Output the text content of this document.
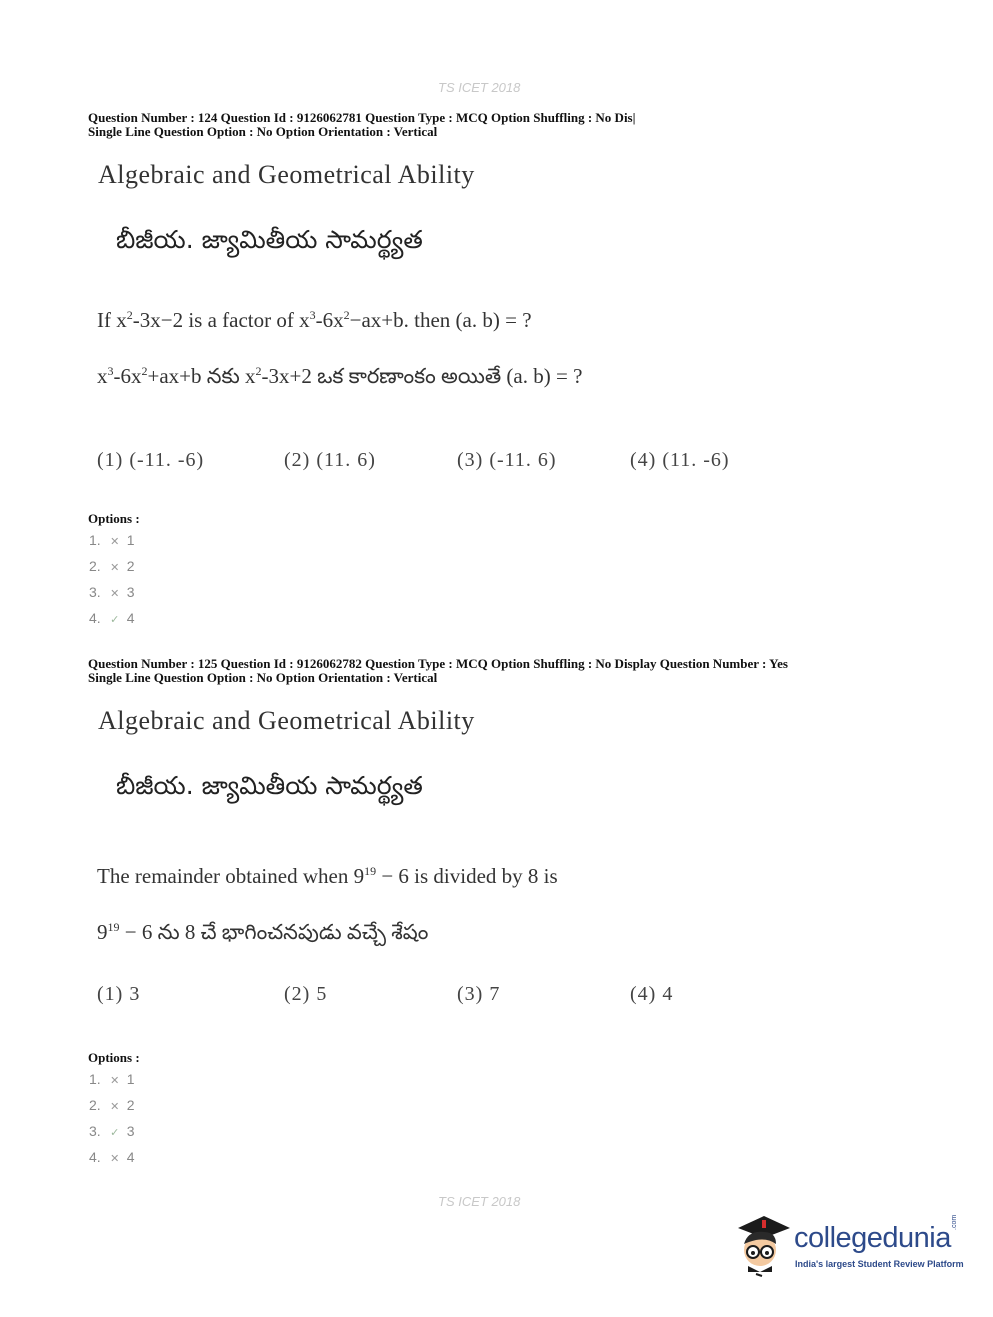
TS ICET 2018
Question Number : 124 Question Id : 9126062781 Question Type : MCQ Option Shuffling : No Dis|
Single Line Question Option : No Option Orientation : Vertical
Algebraic and Geometrical Ability
బీజీయ. జ్యామితీయ సామర్థ్యత
If $x^2-3x-2$ is a factor of $x^3-6x^2-ax+b$. then (a. b) = ?
$x^3-6x^2+ax+b$ నకు $x^2-3x+2$ ఒక కారణాంకం అయితే (a. b) = ?
(1) (-11. -6)	(2) (11. 6)	(3) (-11. 6)	(4) (11. -6)
Options :
1. ✕ 1
2. ✕ 2
3. ✕ 3
4. ✓ 4
Question Number : 125 Question Id : 9126062782 Question Type : MCQ Option Shuffling : No Display Question Number : Yes
Single Line Question Option : No Option Orientation : Vertical
Algebraic and Geometrical Ability
బీజీయ. జ్యామితీయ సామర్థ్యత
The remainder obtained when $9^{19} - 6$ is divided by 8 is
$9^{19} - 6$ ను 8 చే భాగించనపుడు వచ్చే శేషం
(1) 3	(2) 5	(3) 7	(4) 4
Options :
1. ✕ 1
2. ✕ 2
3. ✓ 3
4. ✕ 4
TS ICET 2018
collegedunia .com
India's largest Student Review Platform
